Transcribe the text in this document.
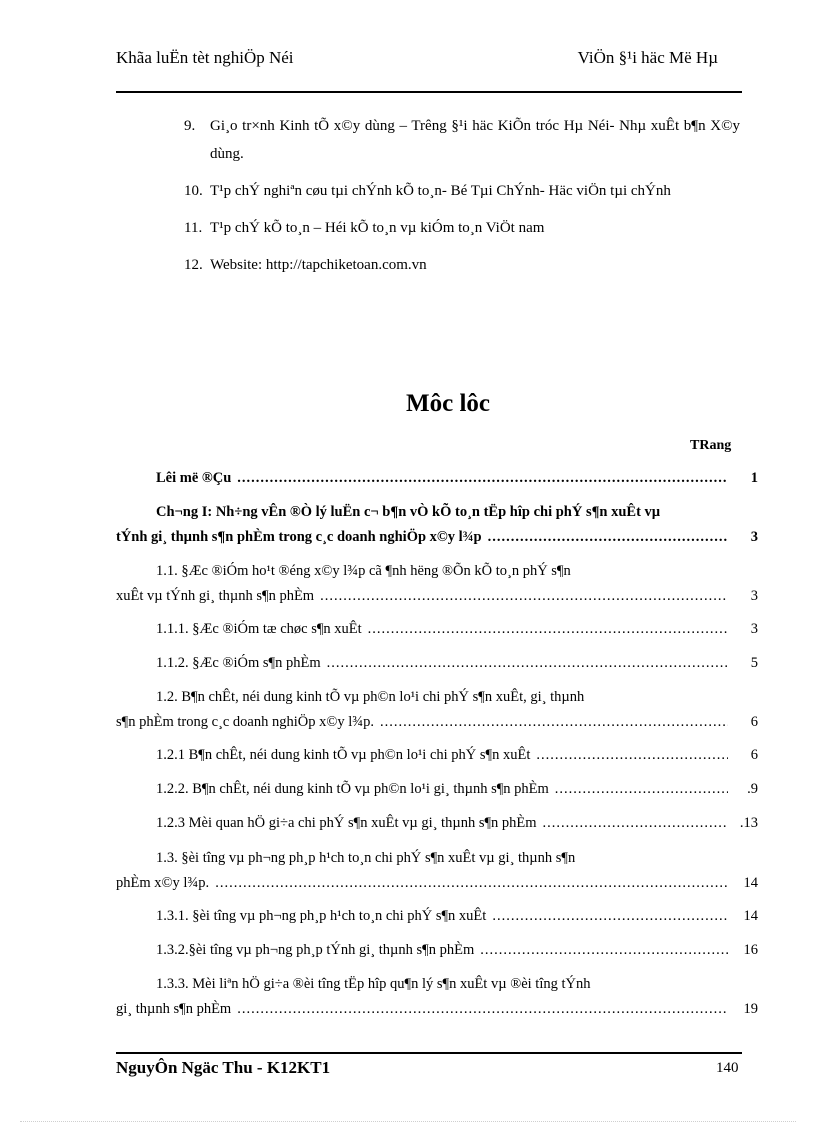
Khãa luËn tèt nghiÖp Néi	ViÖn §¹i häc Më Hµ
9. Gi¸o tr×nh Kinh tÕ x©y dùng – Trêng §¹i häc KiÕn tróc Hµ Néi- Nhµ xuÊt b¶n X©y dùng.
10. T¹p chÝ nghiªn cøu tµi chÝnh kÕ to¸n- Bé Tµi ChÝnh- Häc viÖn tµi chÝnh
11. T¹p chÝ kÕ to¸n – Héi kÕ to¸n vµ kiÓm to¸n ViÖt nam
12. Website: http://tapchiketoan.com.vn
Môc lôc
TRang
Lêi më ®Çu .....	1
Ch¬ng I: Nh÷ng vÊn ®Ò lý luËn c¬ b¶n vÒ kÕ to¸n tËp hîp chi phÝ s¶n xuÊt vµ
tÝnh gi¸ thµnh s¶n phÈm trong c¸c doanh nghiÖp x©y l¾p .....	3
1.1. §Æc ®iÓm ho¹t ®éng x©y l¾p cã ¶nh hëng ®Õn kÕ to¸n phÝ s¶n
xuÊt vµ tÝnh gi¸ thµnh s¶n phÈm .....	3
1.1.1. §Æc ®iÓm tæ chøc s¶n xuÊt .....	3
1.1.2. §Æc ®iÓm s¶n phÈm .....	5
1.2. B¶n chÊt, néi dung kinh tÕ vµ ph©n lo¹i chi phÝ s¶n xuÊt, gi¸ thµnh
s¶n phÈm trong c¸c doanh nghiÖp x©y l¾p. .....	6
1.2.1 B¶n chÊt, néi dung kinh tÕ vµ ph©n lo¹i chi phÝ s¶n xuÊt .....	6
1.2.2. B¶n chÊt, néi dung kinh tÕ vµ ph©n lo¹i gi¸ thµnh s¶n phÈm .....	.9
1.2.3 Mèi quan hÖ gi÷a chi phÝ s¶n xuÊt vµ gi¸ thµnh s¶n phÈm .....	.13
1.3. §èi tîng vµ ph¬ng ph¸p h¹ch to¸n chi phÝ s¶n xuÊt vµ gi¸ thµnh s¶n
phÈm x©y l¾p. .....	14
1.3.1. §èi tîng vµ ph¬ng ph¸p h¹ch to¸n chi phÝ s¶n xuÊt .....	14
1.3.2.§èi tîng vµ ph¬ng ph¸p tÝnh gi¸ thµnh s¶n phÈm .....	16
1.3.3. Mèi liªn hÖ gi÷a ®èi tîng tËp hîp qu¶n lý s¶n xuÊt vµ ®èi tîng tÝnh
gi¸ thµnh s¶n phÈm .....	19
NguyÔn Ngäc Thu - K12KT1	140
